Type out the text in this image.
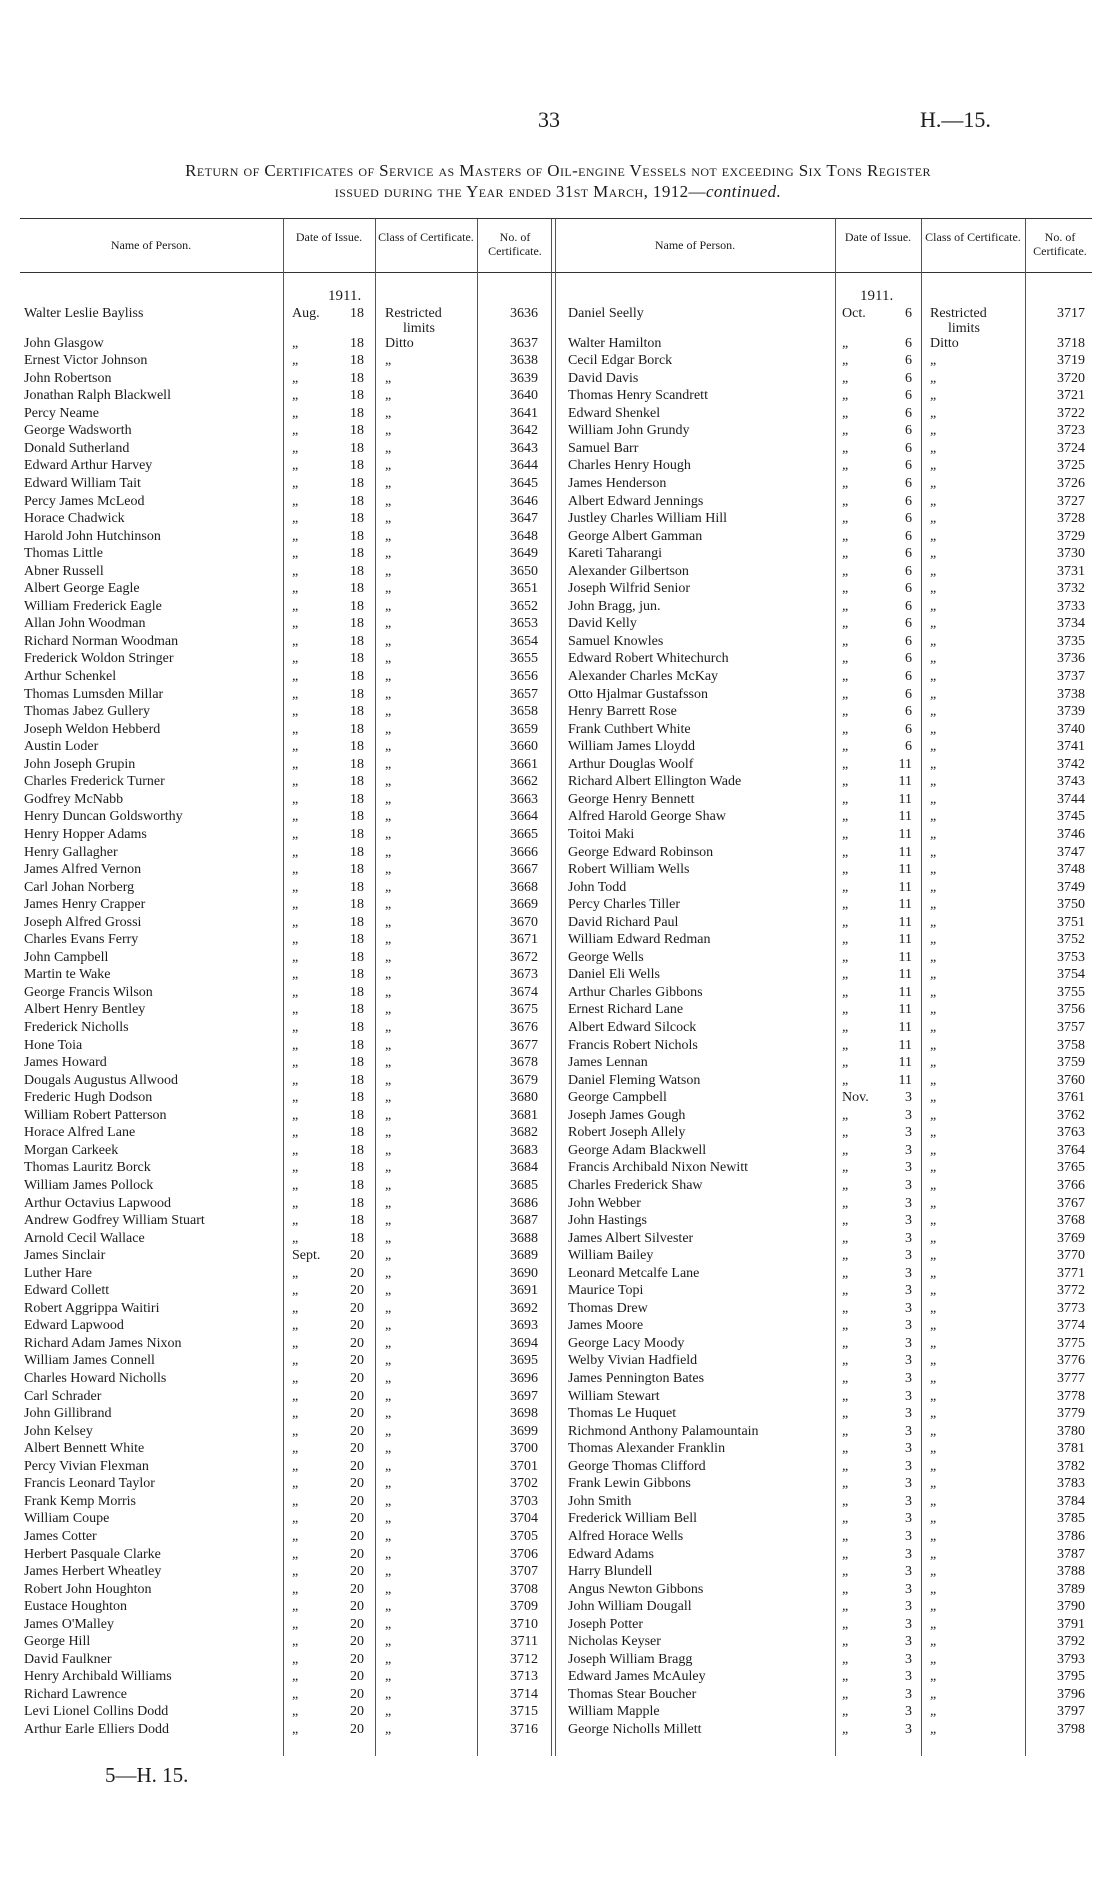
33	H.—15.
Return of Certificates of Service as Masters of Oil-engine Vessels not exceeding Six Tons Register
issued during the Year ended 31st March, 1912—continued.
Name of Person.
Date of Issue.	Class of Certificate.	No. of Certificate.	Name of Person.
Date of Issue.	Class of Certificate.	No. of Certificate.
1911.	1911.
Walter Leslie Bayliss	Aug.	18 Restricted	3636
limits
John Glasgow	„	18 Ditto	3637
Ernest Victor Johnson	„	18 „	3638
John Robertson	„	18 „	3639
Jonathan Ralph Blackwell	„	18 „	3640
Percy Neame	„	18 „	3641
George Wadsworth	„	18 „	3642
Donald Sutherland	„	18 „	3643
Edward Arthur Harvey	„	18 „	3644
Edward William Tait	„	18 „	3645
Percy James McLeod	„	18 „	3646
Horace Chadwick	„	18 „	3647
Harold John Hutchinson	„	18 „	3648
Thomas Little	„	18 „	3649
Abner Russell	„	18 „	3650
Albert George Eagle	„	18 „	3651
William Frederick Eagle	„	18 „	3652
Allan John Woodman	„	18 „	3653
Richard Norman Woodman	„	18 „	3654
Frederick Woldon Stringer	„	18 „	3655
Arthur Schenkel	„	18 „	3656
Thomas Lumsden Millar	„	18 „	3657
Thomas Jabez Gullery	„	18 „	3658
Joseph Weldon Hebberd	„	18 „	3659
Austin Loder	„	18 „	3660
John Joseph Grupin	„	18 „	3661
Charles Frederick Turner	„	18 „	3662
Godfrey McNabb	„	18 „	3663
Henry Duncan Goldsworthy	„	18 „	3664
Henry Hopper Adams	„	18 „	3665
Henry Gallagher	„	18 „	3666
James Alfred Vernon	„	18 „	3667
Carl Johan Norberg	„	18 „	3668
James Henry Crapper	„	18 „	3669
Joseph Alfred Grossi	„	18 „	3670
Charles Evans Ferry	„	18 „	3671
John Campbell	„	18 „	3672
Martin te Wake	„	18 „	3673
George Francis Wilson	„	18 „	3674
Albert Henry Bentley	„	18 „	3675
Frederick Nicholls	„	18 „	3676
Hone Toia	„	18 „	3677
James Howard	„	18 „	3678
Dougals Augustus Allwood	„	18 „	3679
Frederic Hugh Dodson	„	18 „	3680
William Robert Patterson	„	18 „	3681
Horace Alfred Lane	„	18 „	3682
Morgan Carkeek	„	18 „	3683
Thomas Lauritz Borck	„	18 „	3684
William James Pollock	„	18 „	3685
Arthur Octavius Lapwood	„	18 „	3686
Andrew Godfrey William Stuart	„	18 „	3687
Arnold Cecil Wallace	„	18 „	3688
James Sinclair	Sept.	20 „	3689
Luther Hare	„	20 „	3690
Edward Collett	„	20 „	3691
Robert Aggrippa Waitiri	„	20 „	3692
Edward Lapwood	„	20 „	3693
Richard Adam James Nixon	„	20 „	3694
William James Connell	„	20 „	3695
Charles Howard Nicholls	„	20 „	3696
Carl Schrader	„	20 „	3697
John Gillibrand	„	20 „	3698
John Kelsey	„	20 „	3699
Albert Bennett White	„	20 „	3700
Percy Vivian Flexman	„	20 „	3701
Francis Leonard Taylor	„	20 „	3702
Frank Kemp Morris	„	20 „	3703
William Coupe	„	20 „	3704
James Cotter	„	20 „	3705
Herbert Pasquale Clarke	„	20 „	3706
James Herbert Wheatley	„	20 „	3707
Robert John Houghton	„	20 „	3708
Eustace Houghton	„	20 „	3709
James O'Malley	„	20 „	3710
George Hill	„	20 „	3711
David Faulkner	„	20 „	3712
Henry Archibald Williams	„	20 „	3713
Richard Lawrence	„	20 „	3714
Levi Lionel Collins Dodd	„	20 „	3715
Arthur Earle Elliers Dodd	„	20 „	3716
Daniel Seelly	Oct.	6 Restricted	3717
limits
Walter Hamilton	„	6 Ditto	3718
Cecil Edgar Borck	„	6 „	3719
David Davis	„	6 „	3720
Thomas Henry Scandrett	„	6 „	3721
Edward Shenkel	„	6 „	3722
William John Grundy	„	6 „	3723
Samuel Barr	„	6 „	3724
Charles Henry Hough	„	6 „	3725
James Henderson	„	6 „	3726
Albert Edward Jennings	„	6 „	3727
Justley Charles William Hill	„	6 „	3728
George Albert Gamman	„	6 „	3729
Kareti Taharangi	„	6 „	3730
Alexander Gilbertson	„	6 „	3731
Joseph Wilfrid Senior	„	6 „	3732
John Bragg, jun.	„	6 „	3733
David Kelly	„	6 „	3734
Samuel Knowles	„	6 „	3735
Edward Robert Whitechurch	„	6 „	3736
Alexander Charles McKay	„	6 „	3737
Otto Hjalmar Gustafsson	„	6 „	3738
Henry Barrett Rose	„	6 „	3739
Frank Cuthbert White	„	6 „	3740
William James Lloydd	„	6 „	3741
Arthur Douglas Woolf	„	11 „	3742
Richard Albert Ellington Wade	„	11 „	3743
George Henry Bennett	„	11 „	3744
Alfred Harold George Shaw	„	11 „	3745
Toitoi Maki	„	11 „	3746
George Edward Robinson	„	11 „	3747
Robert William Wells	„	11 „	3748
John Todd	„	11 „	3749
Percy Charles Tiller	„	11 „	3750
David Richard Paul	„	11 „	3751
William Edward Redman	„	11 „	3752
George Wells	„	11 „	3753
Daniel Eli Wells	„	11 „	3754
Arthur Charles Gibbons	„	11 „	3755
Ernest Richard Lane	„	11 „	3756
Albert Edward Silcock	„	11 „	3757
Francis Robert Nichols	„	11 „	3758
James Lennan	„	11 „	3759
Daniel Fleming Watson	„	11 „	3760
George Campbell	Nov.	3 „	3761
Joseph James Gough	„	3 „	3762
Robert Joseph Allely	„	3 „	3763
George Adam Blackwell	„	3 „	3764
Francis Archibald Nixon Newitt	„	3 „	3765
Charles Frederick Shaw	„	3 „	3766
John Webber	„	3 „	3767
John Hastings	„	3 „	3768
James Albert Silvester	„	3 „	3769
William Bailey	„	3 „	3770
Leonard Metcalfe Lane	„	3 „	3771
Maurice Topi	„	3 „	3772
Thomas Drew	„	3 „	3773
James Moore	„	3 „	3774
George Lacy Moody	„	3 „	3775
Welby Vivian Hadfield	„	3 „	3776
James Pennington Bates	„	3 „	3777
William Stewart	„	3 „	3778
Thomas Le Huquet	„	3 „	3779
Richmond Anthony Palamountain	„	3 „	3780
Thomas Alexander Franklin	„	3 „	3781
George Thomas Clifford	„	3 „	3782
Frank Lewin Gibbons	„	3 „	3783
John Smith	„	3 „	3784
Frederick William Bell	„	3 „	3785
Alfred Horace Wells	„	3 „	3786
Edward Adams	„	3 „	3787
Harry Blundell	„	3 „	3788
Angus Newton Gibbons	„	3 „	3789
John William Dougall	„	3 „	3790
Joseph Potter	„	3 „	3791
Nicholas Keyser	„	3 „	3792
Joseph William Bragg	„	3 „	3793
Edward James McAuley	„	3 „	3795
Thomas Stear Boucher	„	3 „	3796
William Mapple	„	3 „	3797
George Nicholls Millett	„	3 „	3798
5—H. 15.
